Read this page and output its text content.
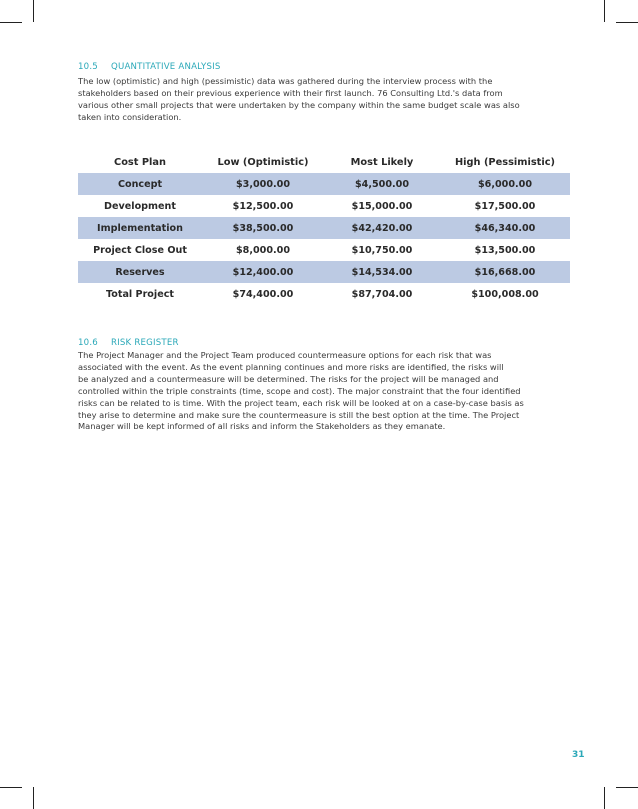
10.5 QUANTITATIVE ANALYSIS
The low (optimistic) and high (pessimistic) data was gathered during the interview process with the
stakeholders based on their previous experience with their first launch. 76 Consulting Ltd.'s data from
various other small projects that were undertaken by the company within the same budget scale was also
taken into consideration.
Cost Plan	Low (Optimistic)	Most Likely	High (Pessimistic)
Concept	$3,000.00	$4,500.00	$6,000.00
Development	$12,500.00	$15,000.00	$17,500.00
Implementation	$38,500.00	$42,420.00	$46,340.00
Project Close Out	$8,000.00	$10,750.00	$13,500.00
Reserves	$12,400.00	$14,534.00	$16,668.00
Total Project	$74,400.00	$87,704.00	$100,008.00
10.6 RISK REGISTER
The Project Manager and the Project Team produced countermeasure options for each risk that was
associated with the event. As the event planning continues and more risks are identified, the risks will
be analyzed and a countermeasure will be determined. The risks for the project will be managed and
controlled within the triple constraints (time, scope and cost). The major constraint that the four identified
risks can be related to is time. With the project team, each risk will be looked at on a case-by-case basis as
they arise to determine and make sure the countermeasure is still the best option at the time. The Project
Manager will be kept informed of all risks and inform the Stakeholders as they emanate.
31
